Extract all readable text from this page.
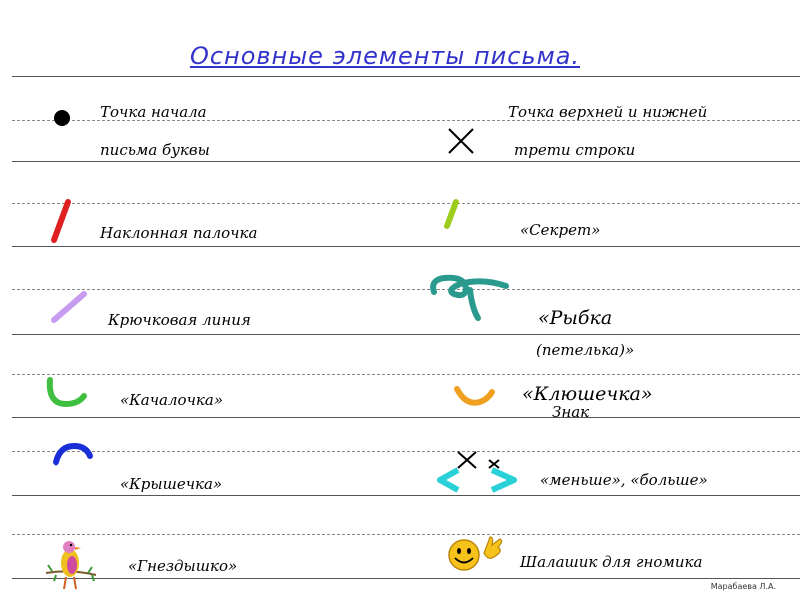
Основные элементы письма.
Точка начала
письма буквы
Наклонная палочка
Крючковая линия
«Качалочка»
«Крышечка»
«Гнездышко»
Точка верхней и нижней
трети строки
«Секрет»
«Рыбка
(петелька)»
«Клюшечка»
Знак
«меньше», «больше»
Шалашик для гномика
Марабаева Л.А.
